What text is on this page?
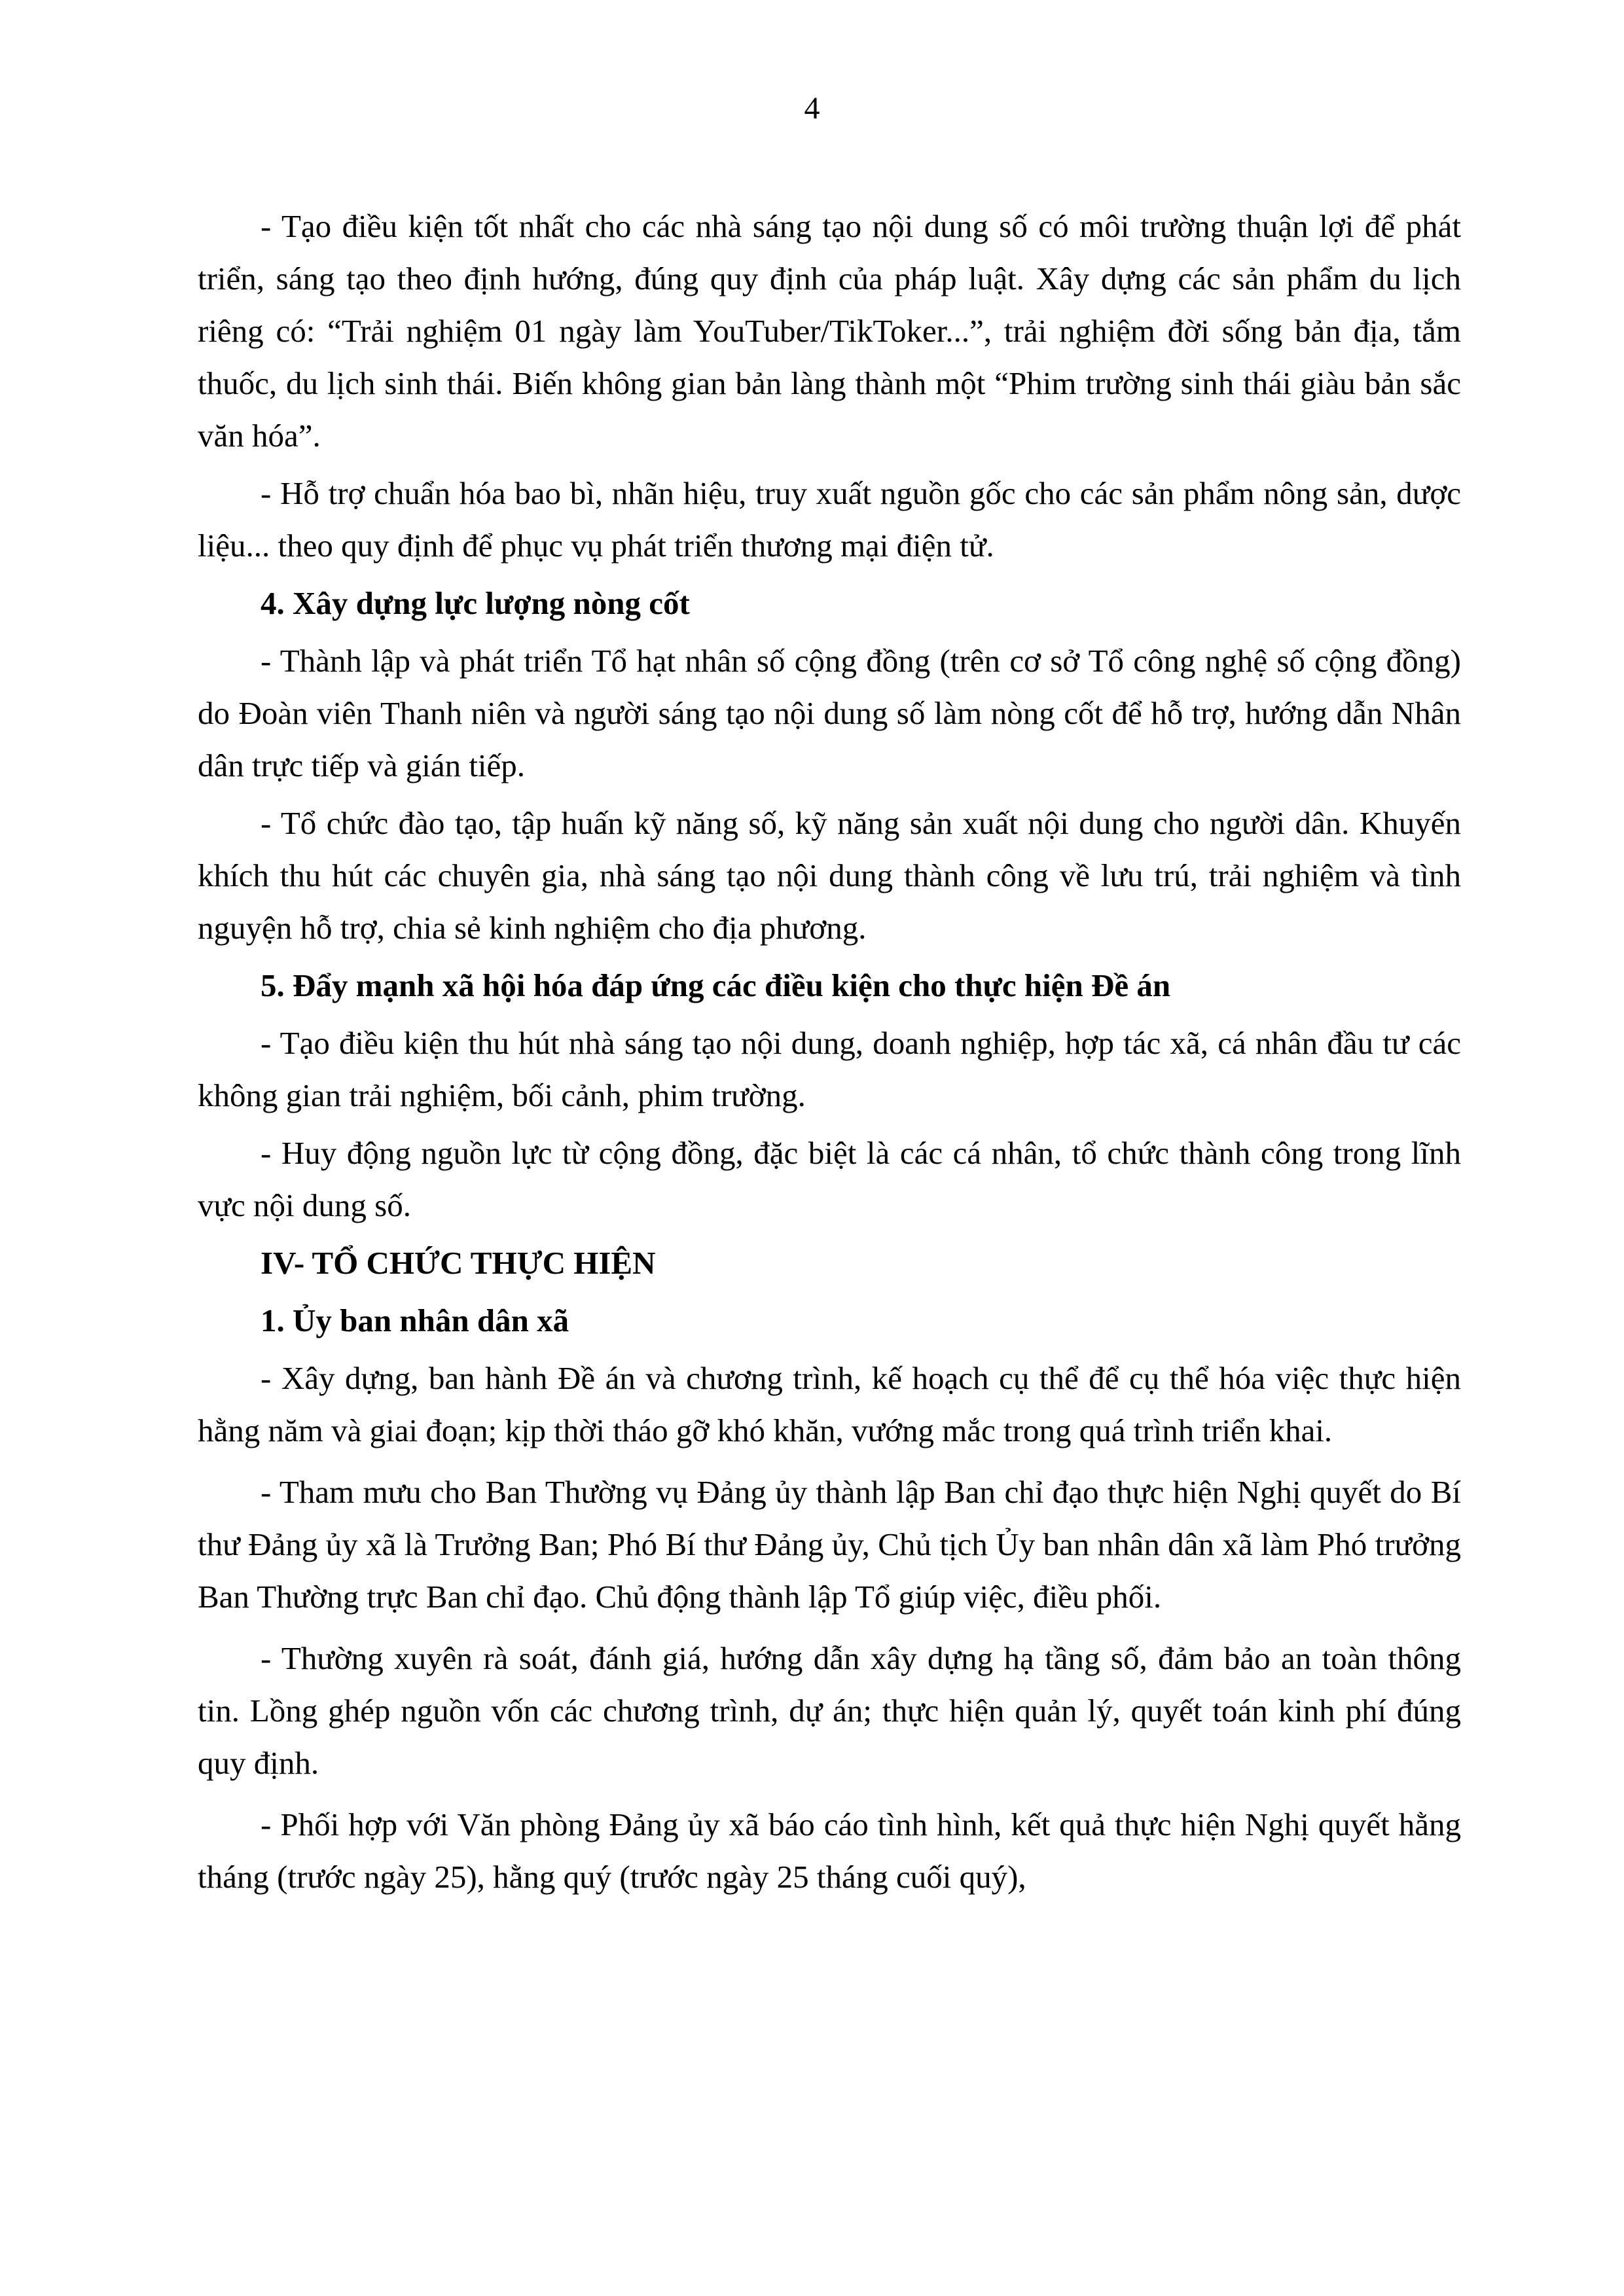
4

- Tạo điều kiện tốt nhất cho các nhà sáng tạo nội dung số có môi trường thuận lợi để phát triển, sáng tạo theo định hướng, đúng quy định của pháp luật. Xây dựng các sản phẩm du lịch riêng có: “Trải nghiệm 01 ngày làm YouTuber/TikToker...”, trải nghiệm đời sống bản địa, tắm thuốc, du lịch sinh thái. Biến không gian bản làng thành một “Phim trường sinh thái giàu bản sắc văn hóa”.

- Hỗ trợ chuẩn hóa bao bì, nhãn hiệu, truy xuất nguồn gốc cho các sản phẩm nông sản, dược liệu... theo quy định để phục vụ phát triển thương mại điện tử.

4. Xây dựng lực lượng nòng cốt

- Thành lập và phát triển Tổ hạt nhân số cộng đồng (trên cơ sở Tổ công nghệ số cộng đồng) do Đoàn viên Thanh niên và người sáng tạo nội dung số làm nòng cốt để hỗ trợ, hướng dẫn Nhân dân trực tiếp và gián tiếp.

- Tổ chức đào tạo, tập huấn kỹ năng số, kỹ năng sản xuất nội dung cho người dân. Khuyến khích thu hút các chuyên gia, nhà sáng tạo nội dung thành công về lưu trú, trải nghiệm và tình nguyện hỗ trợ, chia sẻ kinh nghiệm cho địa phương.

5. Đẩy mạnh xã hội hóa đáp ứng các điều kiện cho thực hiện Đề án

- Tạo điều kiện thu hút nhà sáng tạo nội dung, doanh nghiệp, hợp tác xã, cá nhân đầu tư các không gian trải nghiệm, bối cảnh, phim trường.

- Huy động nguồn lực từ cộng đồng, đặc biệt là các cá nhân, tổ chức thành công trong lĩnh vực nội dung số.

IV- TỔ CHỨC THỰC HIỆN

1. Ủy ban nhân dân xã

- Xây dựng, ban hành Đề án và chương trình, kế hoạch cụ thể để cụ thể hóa việc thực hiện hằng năm và giai đoạn; kịp thời tháo gỡ khó khăn, vướng mắc trong quá trình triển khai.

- Tham mưu cho Ban Thường vụ Đảng ủy thành lập Ban chỉ đạo thực hiện Nghị quyết do Bí thư Đảng ủy xã là Trưởng Ban; Phó Bí thư Đảng ủy, Chủ tịch Ủy ban nhân dân xã làm Phó trưởng Ban Thường trực Ban chỉ đạo. Chủ động thành lập Tổ giúp việc, điều phối.

- Thường xuyên rà soát, đánh giá, hướng dẫn xây dựng hạ tầng số, đảm bảo an toàn thông tin. Lồng ghép nguồn vốn các chương trình, dự án; thực hiện quản lý, quyết toán kinh phí đúng quy định.

- Phối hợp với Văn phòng Đảng ủy xã báo cáo tình hình, kết quả thực hiện Nghị quyết hằng tháng (trước ngày 25), hằng quý (trước ngày 25 tháng cuối quý),
